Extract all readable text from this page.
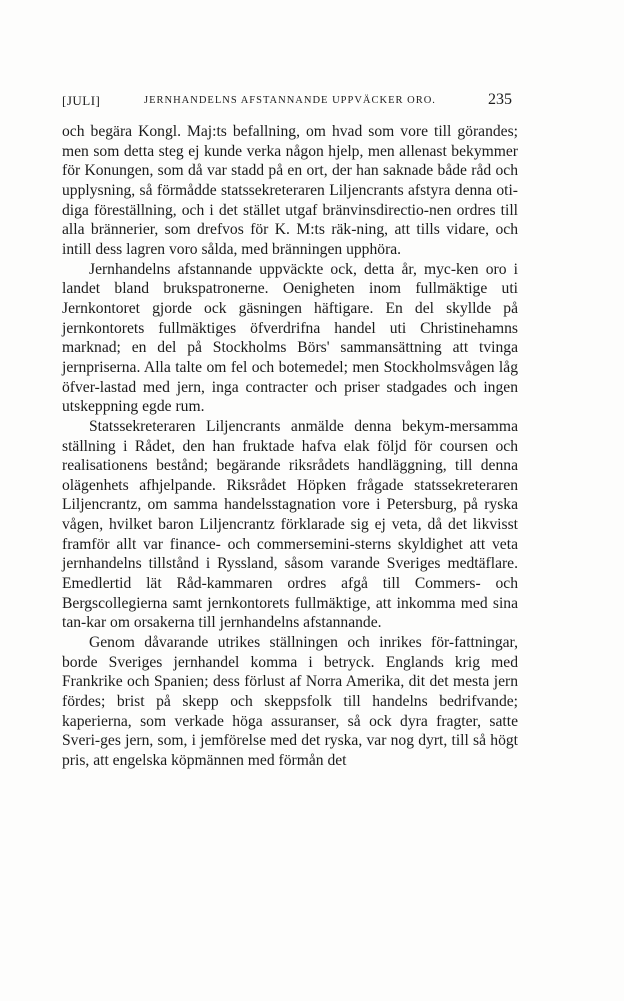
[JULI]	JERNHANDELNS AFSTANNANDE UPPVÄCKER ORO.	235

och begära Kongl. Maj:ts befallning, om hvad som vore till görandes; men som detta steg ej kunde verka någon hjelp, men allenast bekymmer för Konungen, som då var stadd på en ort, der han saknade både råd och upplysning, så förmådde statssekreteraren Liljencrants afstyra denna oti-diga föreställning, och i det stället utgaf bränvinsdirectio-nen ordres till alla brännerier, som drefvos för K. M:ts räk-ning, att tills vidare, och intill dess lagren voro sålda, med bränningen upphöra.

Jernhandelns afstannande uppväckte ock, detta år, myc-ken oro i landet bland brukspatronerne. Oenigheten inom fullmäktige uti Jernkontoret gjorde ock gäsningen häftigare. En del skyllde på jernkontorets fullmäktiges öfverdrifna handel uti Christinehamns marknad; en del på Stockholms Börs' sammansättning att tvinga jernpriserna. Alla talte om fel och botemedel; men Stockholmsvågen låg öfver-lastad med jern, inga contracter och priser stadgades och ingen utskeppning egde rum.

Statssekreteraren Liljencrants anmälde denna bekym-mersamma ställning i Rådet, den han fruktade hafva elak följd för coursen och realisationens bestånd; begärande riksrådets handläggning, till denna olägenhets afhjelpande. Riksrådet Höpken frågade statssekreteraren Liljencrantz, om samma handelsstagnation vore i Petersburg, på ryska vågen, hvilket baron Liljencrantz förklarade sig ej veta, då det likvisst framför allt var finance- och commersemini-sterns skyldighet att veta jernhandelns tillstånd i Ryssland, såsom varande Sveriges medtäflare. Emedlertid lät Råd-kammaren ordres afgå till Commers- och Bergscollegierna samt jernkontorets fullmäktige, att inkomma med sina tan-kar om orsakerna till jernhandelns afstannande.

Genom dåvarande utrikes ställningen och inrikes för-fattningar, borde Sveriges jernhandel komma i betryck. Englands krig med Frankrike och Spanien; dess förlust af Norra Amerika, dit det mesta jern fördes; brist på skepp och skeppsfolk till handelns bedrifvande; kaperierna, som verkade höga assuranser, så ock dyra fragter, satte Sveri-ges jern, som, i jemförelse med det ryska, var nog dyrt, till så högt pris, att engelska köpmännen med förmån det
